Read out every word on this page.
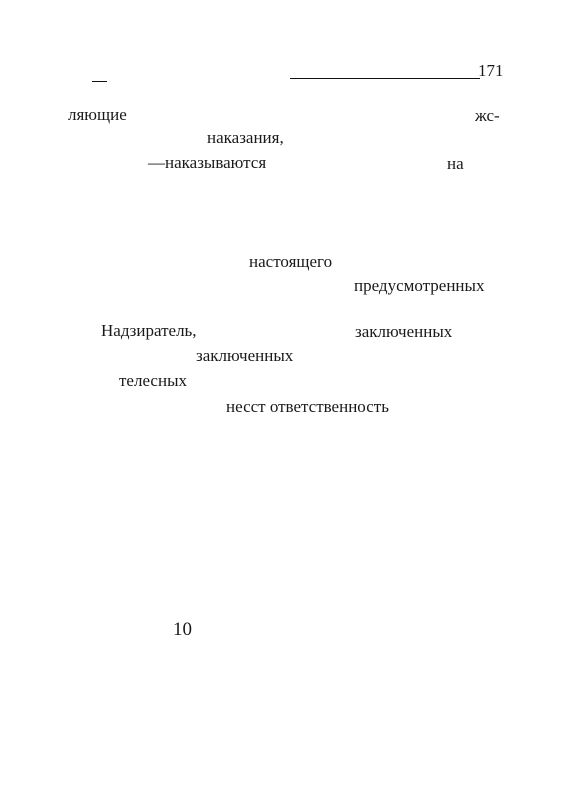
171
ляющие	жс-
наказания,
—наказываются	на
настоящего
предусмотренных
Надзиратель,	заключенных
заключенных
телесных
несст ответственность
10
